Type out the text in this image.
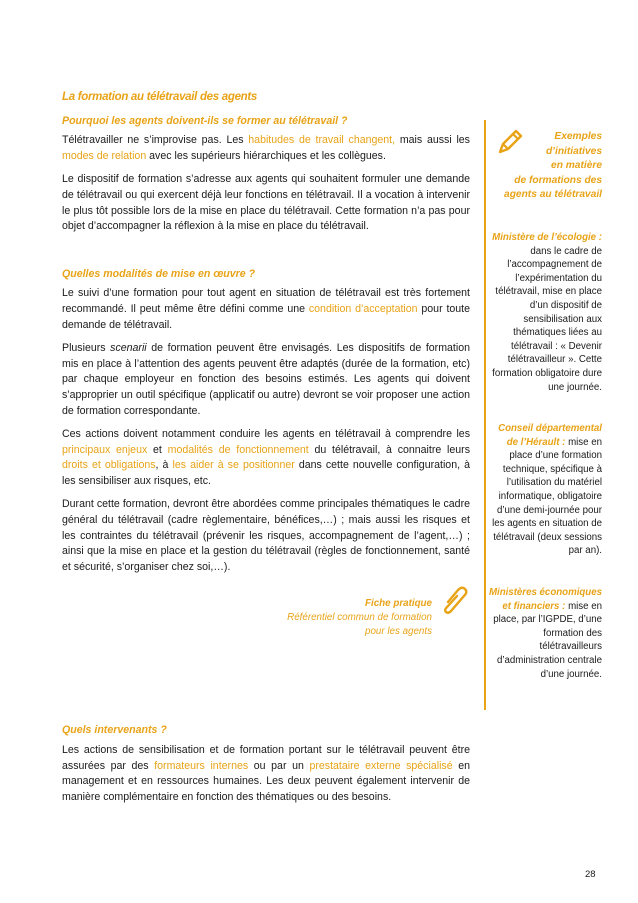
La formation au télétravail des agents
Pourquoi les agents doivent-ils se former au télétravail ?

Télétravailler ne s’improvise pas. Les habitudes de travail changent, mais aussi les modes de relation avec les supérieurs hiérarchiques et les collègues.

Le dispositif de formation s’adresse aux agents qui souhaitent formuler une demande de télétravail ou qui exercent déjà leur fonctions en télétravail. Il a vocation à intervenir le plus tôt possible lors de la mise en place du télétravail. Cette formation n’a pas pour objet d’accompagner la réflexion à la mise en place du télétravail.

Quelles modalités de mise en œuvre ?

Le suivi d’une formation pour tout agent en situation de télétravail est très fortement recommandé. Il peut même être défini comme une condition d’acceptation pour toute demande de télétravail.

Plusieurs scenarii de formation peuvent être envisagés. Les dispositifs de formation mis en place à l’attention des agents peuvent être adaptés (durée de la formation, etc) par chaque employeur en fonction des besoins estimés. Les agents qui doivent s’approprier un outil spécifique (applicatif ou autre) devront se voir proposer une action de formation correspondante.

Ces actions doivent notamment conduire les agents en télétravail à comprendre les principaux enjeux et modalités de fonctionnement du télétravail, à connaitre leurs droits et obligations, à les aider à se positionner dans cette nouvelle configuration, à les sensibiliser aux risques, etc.

Durant cette formation, devront être abordées comme principales thématiques le cadre général du télétravail (cadre règlementaire, bénéfices,…) ; mais aussi les risques et les contraintes du télétravail (prévenir les risques, accompagnement de l’agent,…) ; ainsi que la mise en place et la gestion du télétravail (règles de fonctionnement, santé et sécurité, s’organiser chez soi,…).

Fiche pratique
Référentiel commun de formation
pour les agents
Quels intervenants ?

Les actions de sensibilisation et de formation portant sur le télétravail peuvent être assurées par des formateurs internes ou par un prestataire externe spécialisé en management et en ressources humaines. Les deux peuvent également intervenir de manière complémentaire en fonction des thématiques ou des besoins.

Exemples
d’initiatives
en matière
de formations des
agents au télétravail
Ministère de l’écologie : dans le cadre de l’accompagnement de l’expérimentation du télétravail, mise en place d’un dispositif de sensibilisation aux thématiques liées au télétravail : « Devenir télétravailleur ». Cette formation obligatoire dure une journée.
Conseil départemental de l’Hérault : mise en place d’une formation technique, spécifique à l’utilisation du matériel informatique, obligatoire d’une demi-journée pour les agents en situation de télétravail (deux sessions par an).
Ministères économiques et financiers : mise en place, par l’IGPDE, d’une formation des télétravailleurs d’administration centrale d’une journée.
28
